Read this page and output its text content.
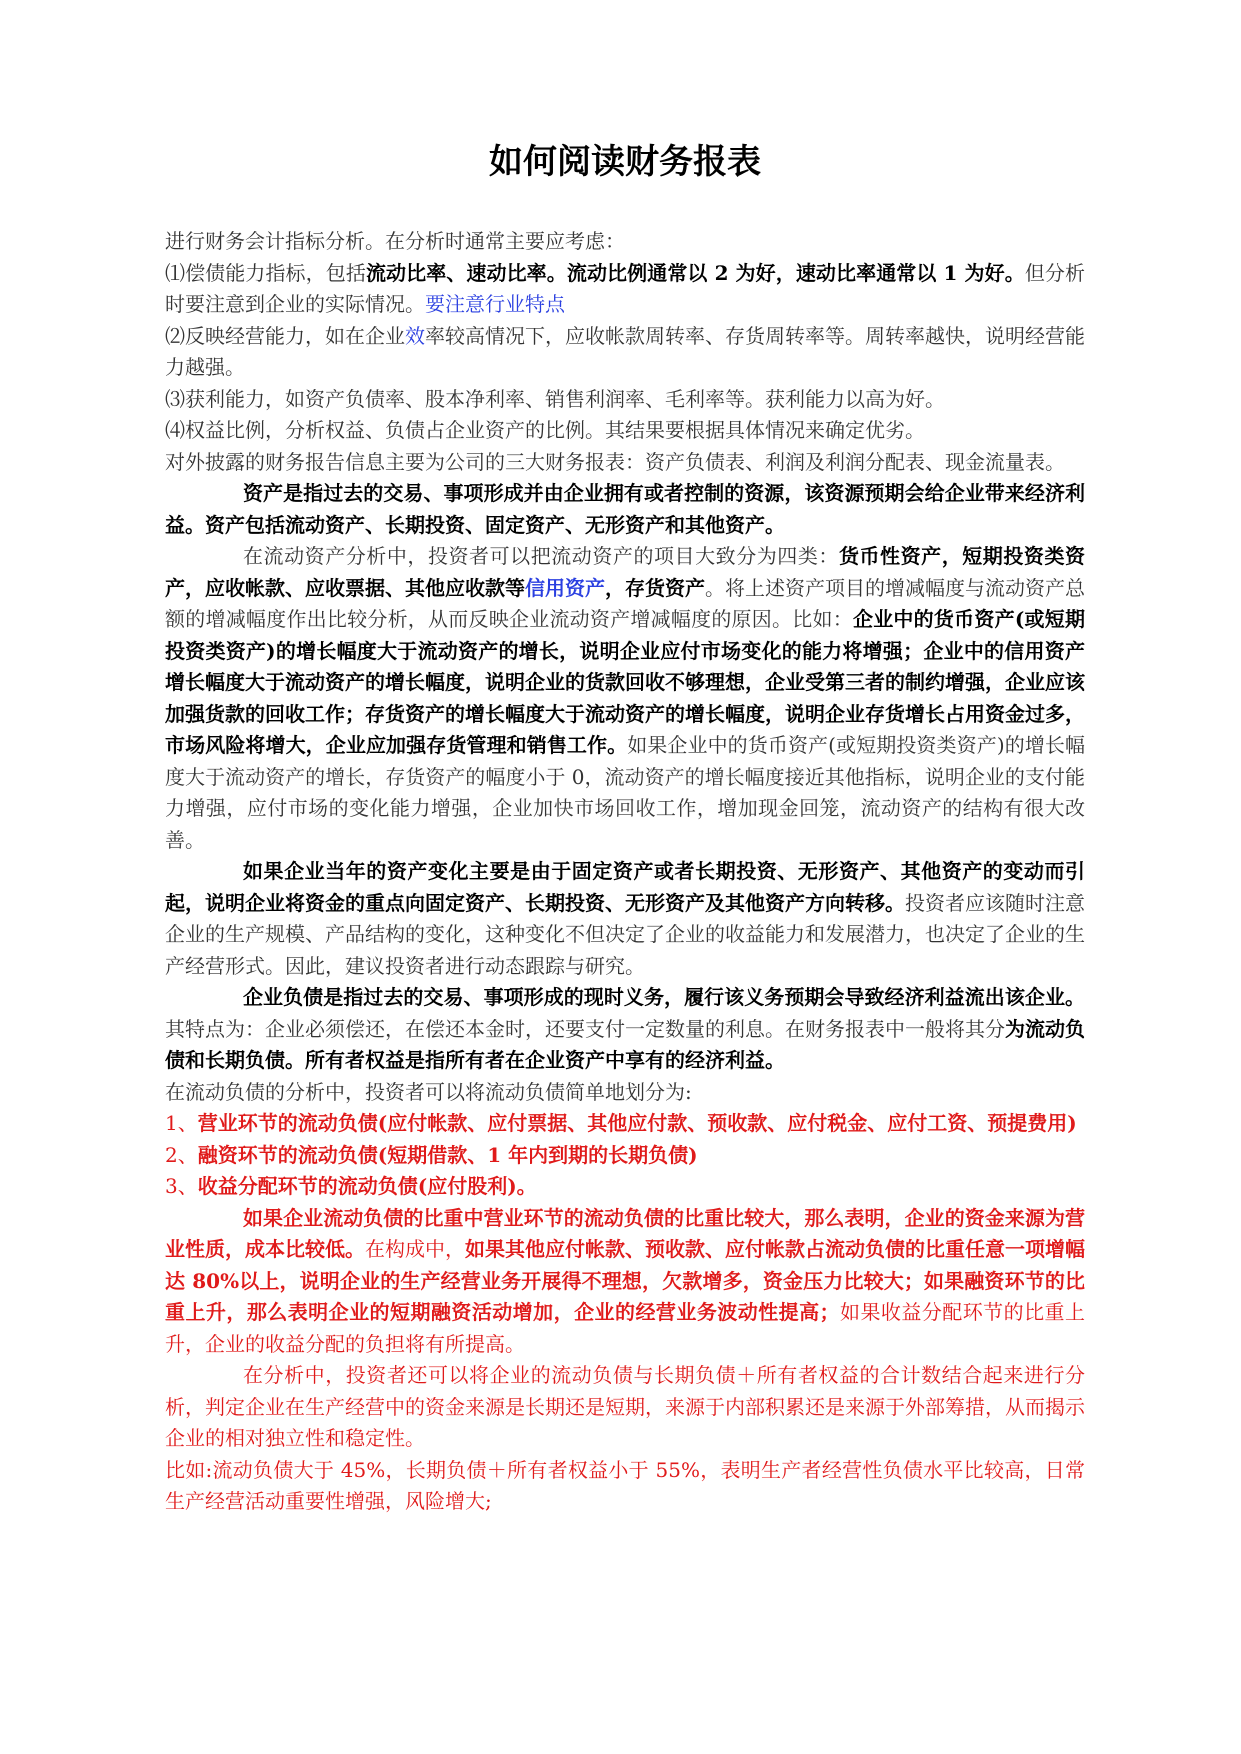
如何阅读财务报表

进行财务会计指标分析。在分析时通常主要应考虑：

⑴偿债能力指标，包括流动比率、速动比率。流动比例通常以 2 为好，速动比率通常以 1 为好。但分析时要注意到企业的实际情况。要注意行业特点

⑵反映经营能力，如在企业效率较高情况下，应收帐款周转率、存货周转率等。周转率越快，说明经营能力越强。

⑶获利能力，如资产负债率、股本净利率、销售利润率、毛利率等。获利能力以高为好。

⑷权益比例，分析权益、负债占企业资产的比例。其结果要根据具体情况来确定优劣。

对外披露的财务报告信息主要为公司的三大财务报表：资产负债表、利润及利润分配表、现金流量表。

资产是指过去的交易、事项形成并由企业拥有或者控制的资源，该资源预期会给企业带来经济利益。资产包括流动资产、长期投资、固定资产、无形资产和其他资产。

在流动资产分析中，投资者可以把流动资产的项目大致分为四类：货币性资产，短期投资类资产，应收帐款、应收票据、其他应收款等信用资产，存货资产。将上述资产项目的增减幅度与流动资产总额的增减幅度作出比较分析，从而反映企业流动资产增减幅度的原因。比如：企业中的货币资产(或短期投资类资产)的增长幅度大于流动资产的增长，说明企业应付市场变化的能力将增强；企业中的信用资产增长幅度大于流动资产的增长幅度，说明企业的货款回收不够理想，企业受第三者的制约增强，企业应该加强货款的回收工作；存货资产的增长幅度大于流动资产的增长幅度，说明企业存货增长占用资金过多，市场风险将增大，企业应加强存货管理和销售工作。如果企业中的货币资产(或短期投资类资产)的增长幅度大于流动资产的增长，存货资产的幅度小于 0，流动资产的增长幅度接近其他指标，说明企业的支付能力增强，应付市场的变化能力增强，企业加快市场回收工作，增加现金回笼，流动资产的结构有很大改善。

如果企业当年的资产变化主要是由于固定资产或者长期投资、无形资产、其他资产的变动而引起，说明企业将资金的重点向固定资产、长期投资、无形资产及其他资产方向转移。投资者应该随时注意企业的生产规模、产品结构的变化，这种变化不但决定了企业的收益能力和发展潜力，也决定了企业的生产经营形式。因此，建议投资者进行动态跟踪与研究。

企业负债是指过去的交易、事项形成的现时义务，履行该义务预期会导致经济利益流出该企业。其特点为：企业必须偿还，在偿还本金时，还要支付一定数量的利息。在财务报表中一般将其分为流动负债和长期负债。所有者权益是指所有者在企业资产中享有的经济利益。

在流动负债的分析中，投资者可以将流动负债简单地划分为:

1、营业环节的流动负债(应付帐款、应付票据、其他应付款、预收款、应付税金、应付工资、预提费用)

2、融资环节的流动负债(短期借款、1 年内到期的长期负债)

3、收益分配环节的流动负债(应付股利)。

如果企业流动负债的比重中营业环节的流动负债的比重比较大，那么表明，企业的资金来源为营业性质，成本比较低。在构成中，如果其他应付帐款、预收款、应付帐款占流动负债的比重任意一项增幅达 80%以上，说明企业的生产经营业务开展得不理想，欠款增多，资金压力比较大；如果融资环节的比重上升，那么表明企业的短期融资活动增加，企业的经营业务波动性提高；如果收益分配环节的比重上升，企业的收益分配的负担将有所提高。

在分析中，投资者还可以将企业的流动负债与长期负债＋所有者权益的合计数结合起来进行分析，判定企业在生产经营中的资金来源是长期还是短期，来源于内部积累还是来源于外部筹措，从而揭示企业的相对独立性和稳定性。

比如:流动负债大于 45%，长期负债＋所有者权益小于 55%，表明生产者经营性负债水平比较高，日常生产经营活动重要性增强，风险增大;
